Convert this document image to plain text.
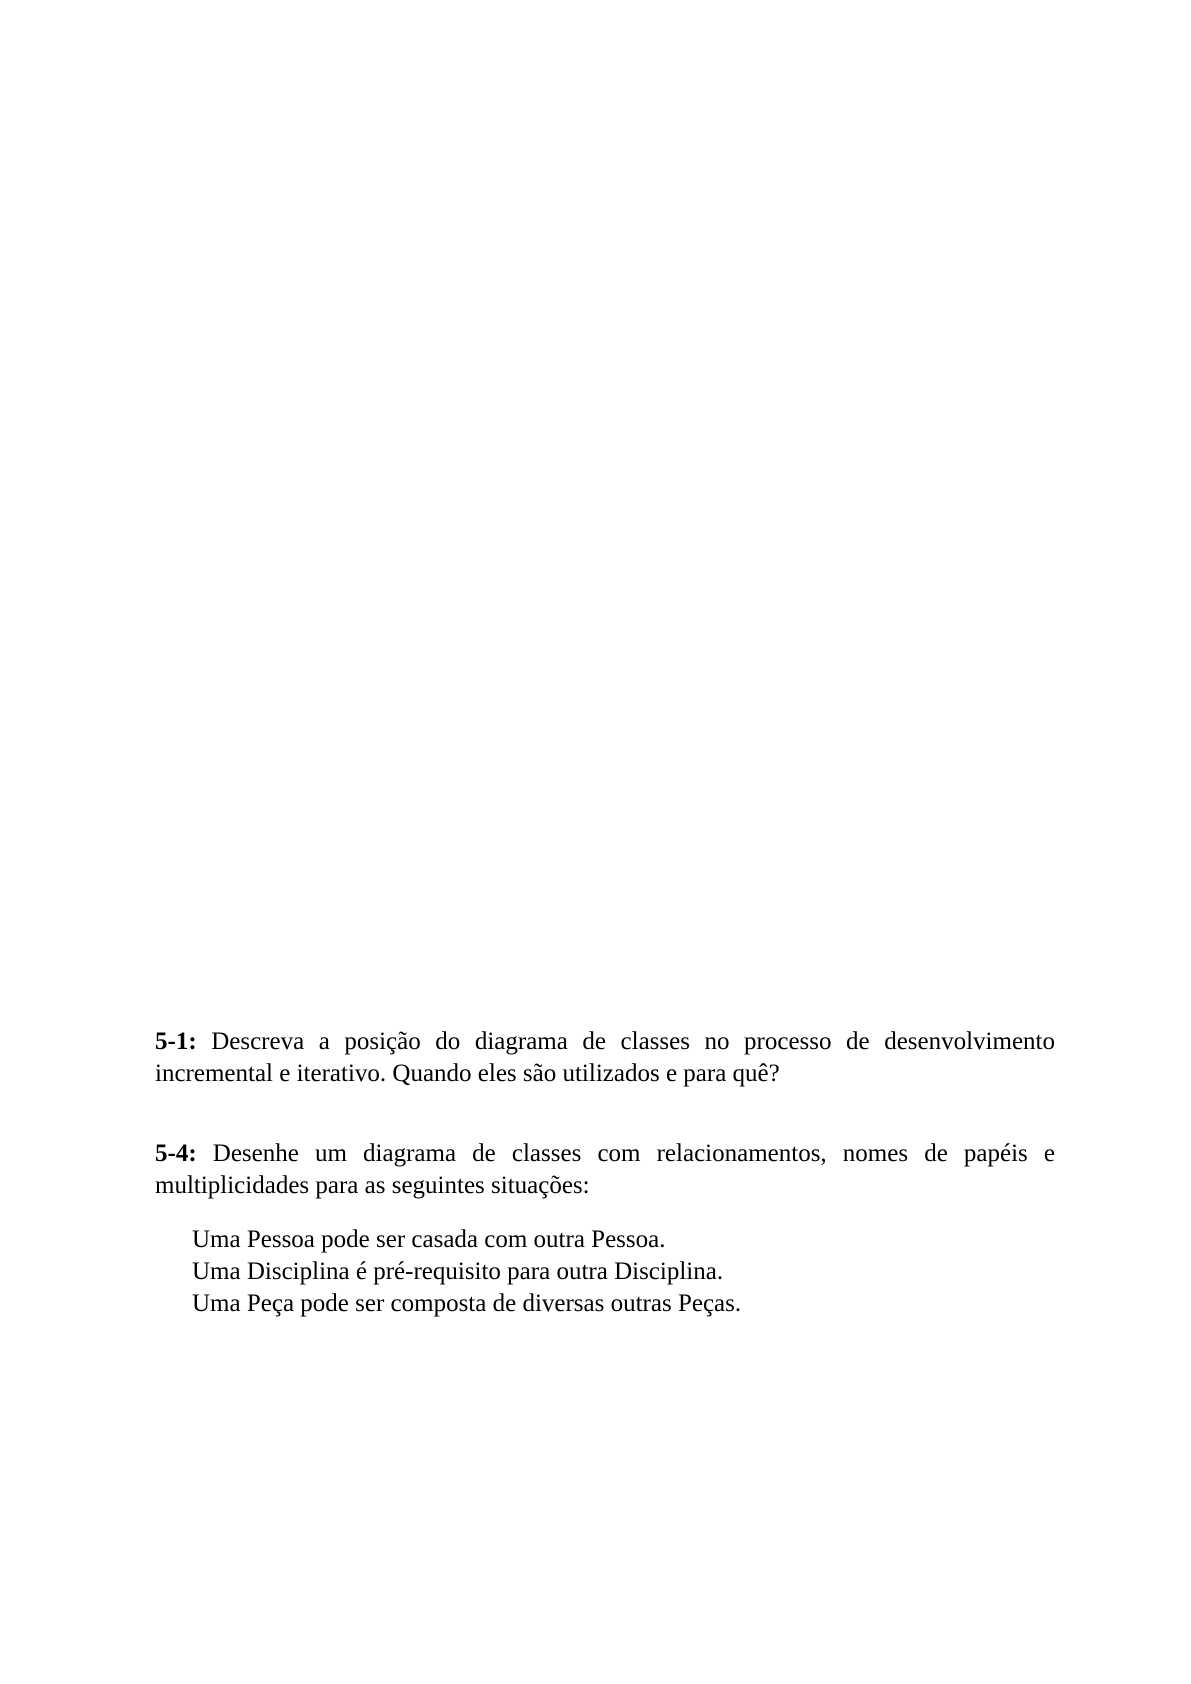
5-1: Descreva a posição do diagrama de classes no processo de desenvolvimento
incremental e iterativo. Quando eles são utilizados e para quê?
5-4: Desenhe um diagrama de classes com relacionamentos, nomes de papéis e
multiplicidades para as seguintes situações:
Uma Pessoa pode ser casada com outra Pessoa.
Uma Disciplina é pré-requisito para outra Disciplina.
Uma Peça pode ser composta de diversas outras Peças.
